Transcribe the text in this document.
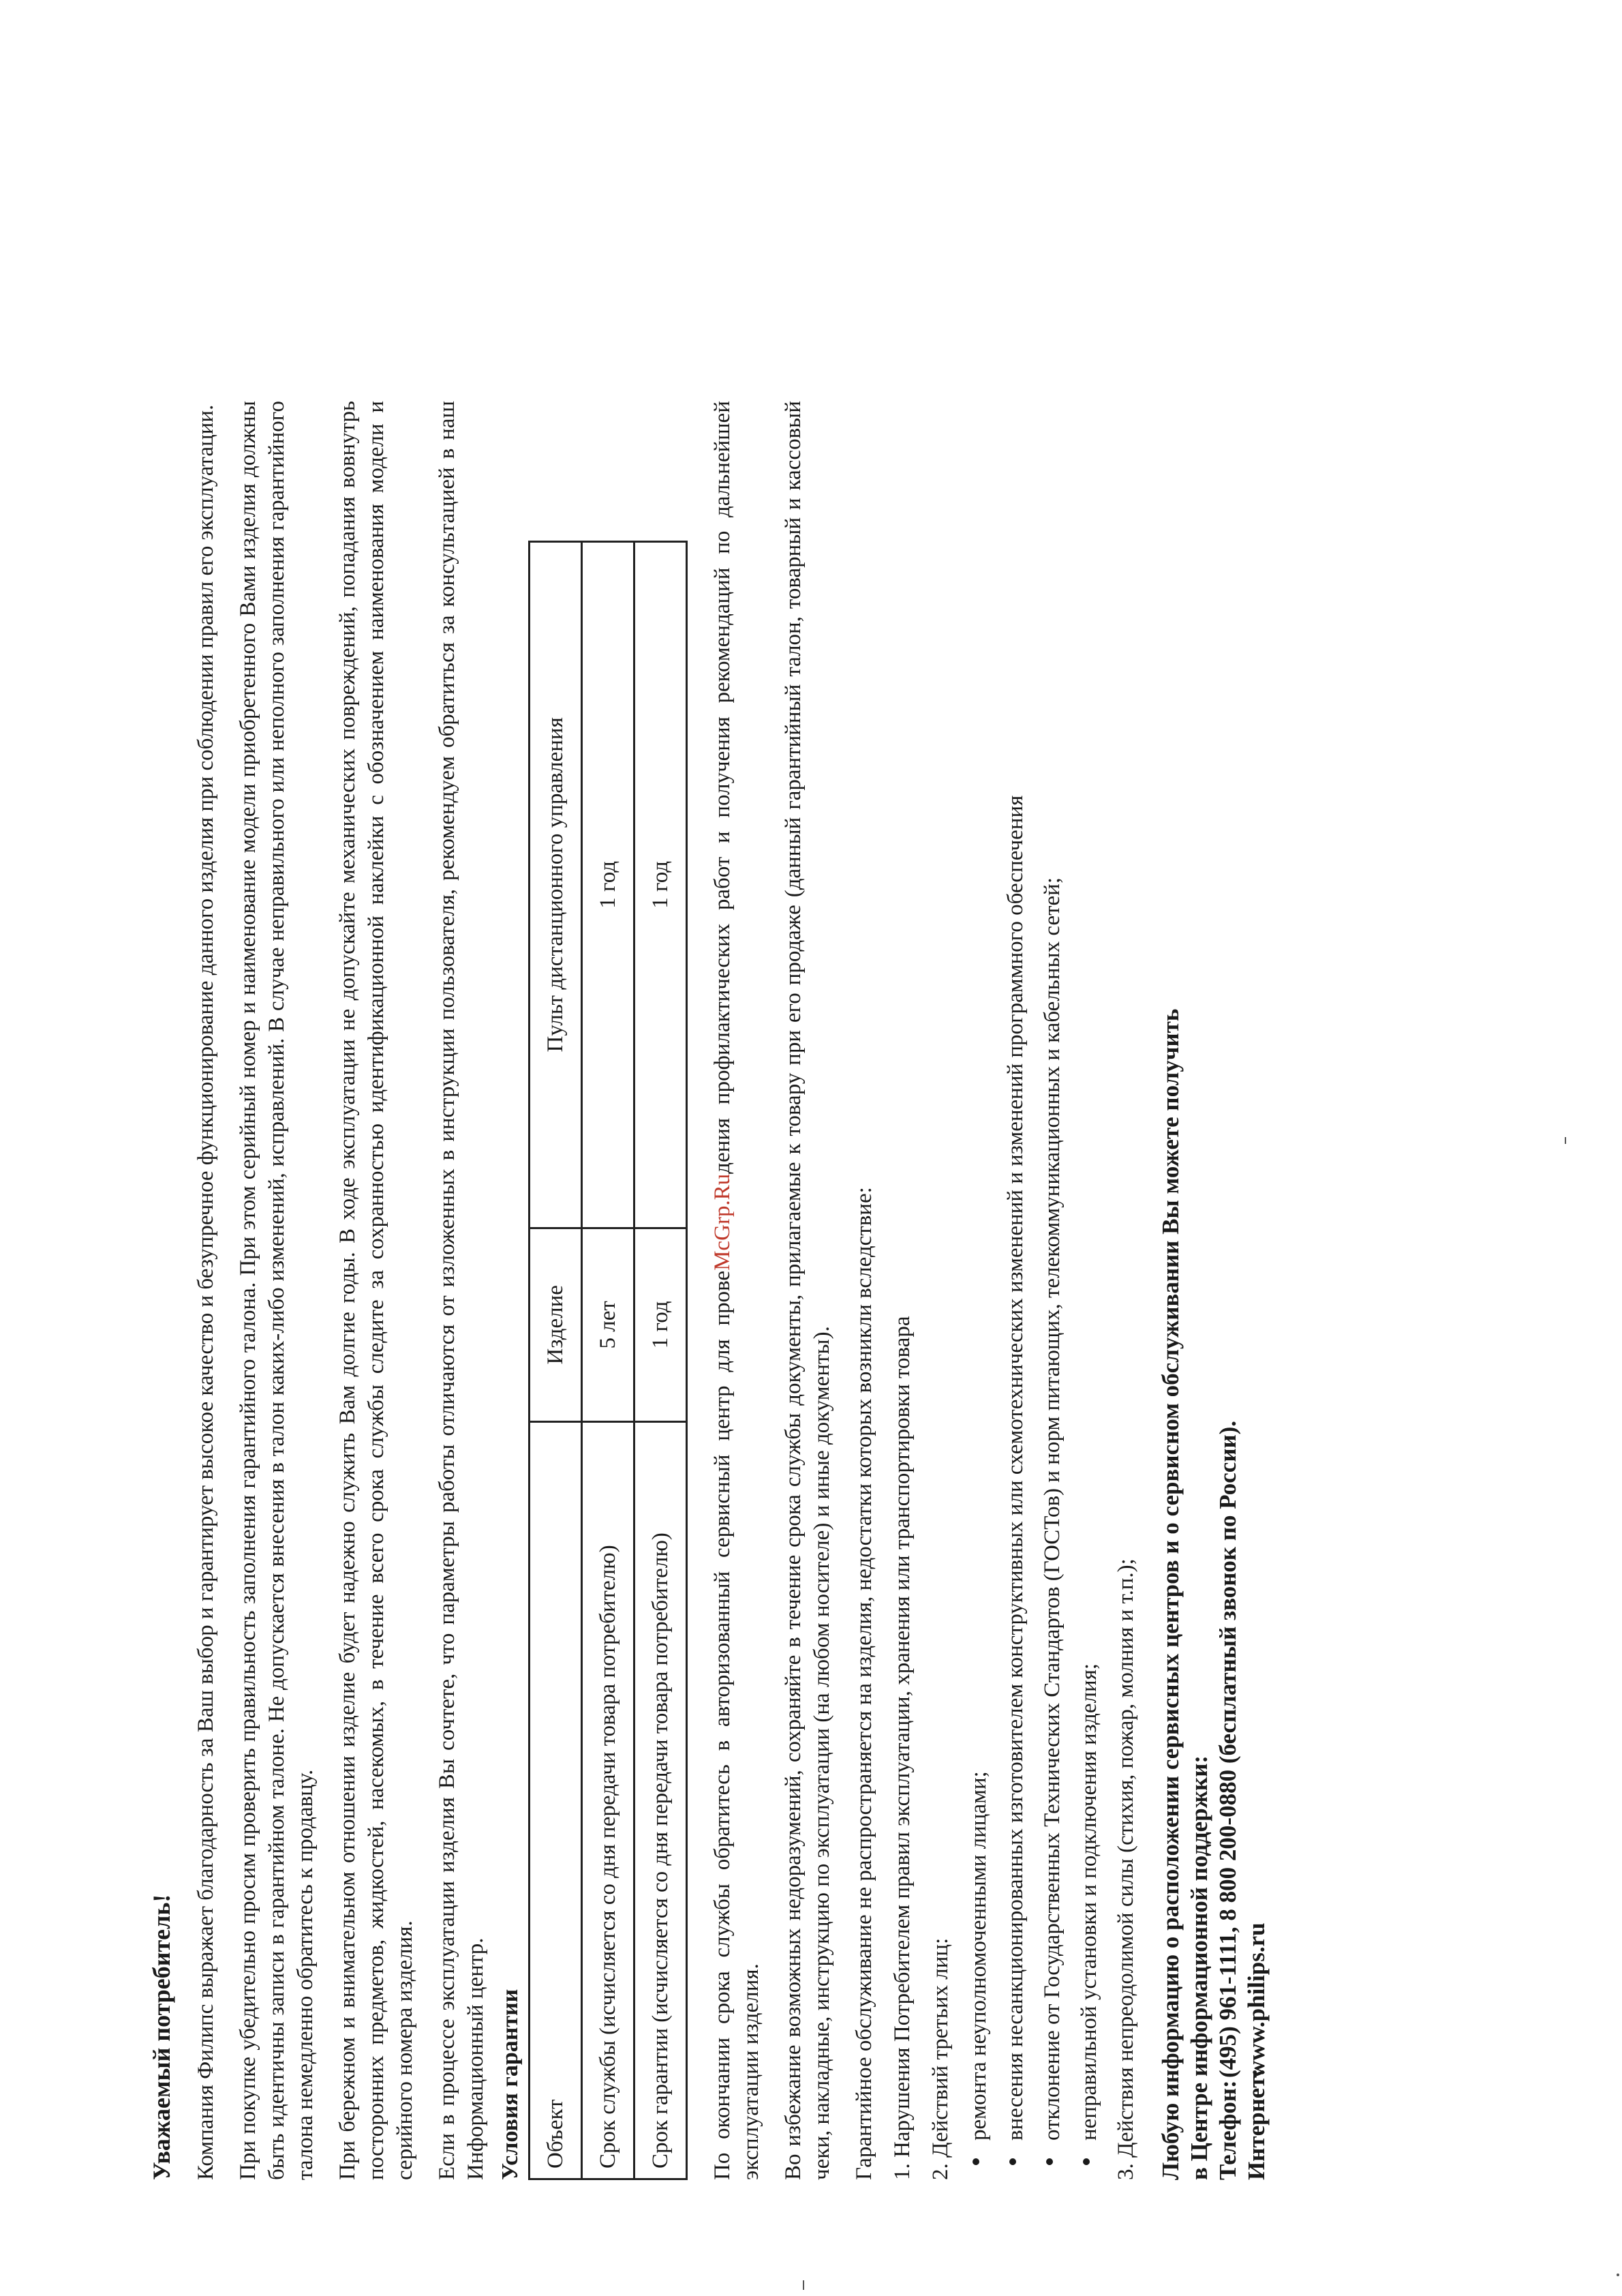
Уважаемый потребитель! Компания Филипс выражает благодарность за Ваш выбор и гарантирует высокое качество и безупречное функционирование данного изделия при соблюдении правил его эксплуатации. При покупке убедительно просим проверить правильность заполнения гарантийного талона. При этом серийный номер и наименование модели приобретенного Вами изделия должны быть идентичны записи в гарантийном талоне. Не допускается внесения в талон каких-либо изменений, исправлений. В случае неправильного или неполного заполнения гарантийного талона немедленно обратитесь к продавцу. При бережном и внимательном отношении изделие будет надежно служить Вам долгие годы. В ходе эксплуатации не допускайте механических повреждений, попадания вовнутрь посторонних предметов, жидкостей, насекомых, в течение всего срока службы следите за сохранностью идентификационной наклейки с обозначением наименования модели и серийного номера изделия. Если в процессе эксплуатации изделия Вы сочтете, что параметры работы отличаются от изложенных в инструкции пользователя, рекомендуем обратиться за консультацией в наш Информационный центр. Условия гарантии Объект	Изделие	Пульт дистанционного управления
Срок службы (исчисляется со дня передачи товара потребителю)	5 лет	1 год
Срок гарантии (исчисляется со дня передачи товара потребителю)	1 год	1 год

По окончании срока службы обратитесь в авторизованный сервисный центр для провеMcGrp.Ruдения профилактических работ и получения рекомендаций по дальнейшей эксплуатации изделия. Во избежание возможных недоразумений, сохраняйте в течение срока службы документы, прилагаемые к товару при его продаже (данный гарантийный талон, товарный и кассовый чеки, накладные, инструкцию по эксплуатации (на любом носителе) и иные документы). Гарантийное обслуживание не распространяется на изделия, недостатки которых возникли вследствие: 1. Нарушения Потребителем правил эксплуатации, хранения или транспортировки товара 2. Действий третьих лиц: ремонта неуполномоченными лицами; внесения несанкционированных изготовителем конструктивных или схемотехнических изменений и изменений программного обеспечения отклонение от Государственных Технических Стандартов (ГОСТов) и норм питающих, телекоммуникационных и кабельных сетей; неправильной установки и подключения изделия; 3. Действия непреодолимой силы (стихия, пожар, молния и т.п.); Любую информацию о расположении сервисных центров и о сервисном обслуживании Вы можете получить в Центре информационной поддержки: Телефон:(495) 961-1111, 8 800 200-0880 (бесплатный звонок по России).
Интернет:www.philips.ru
